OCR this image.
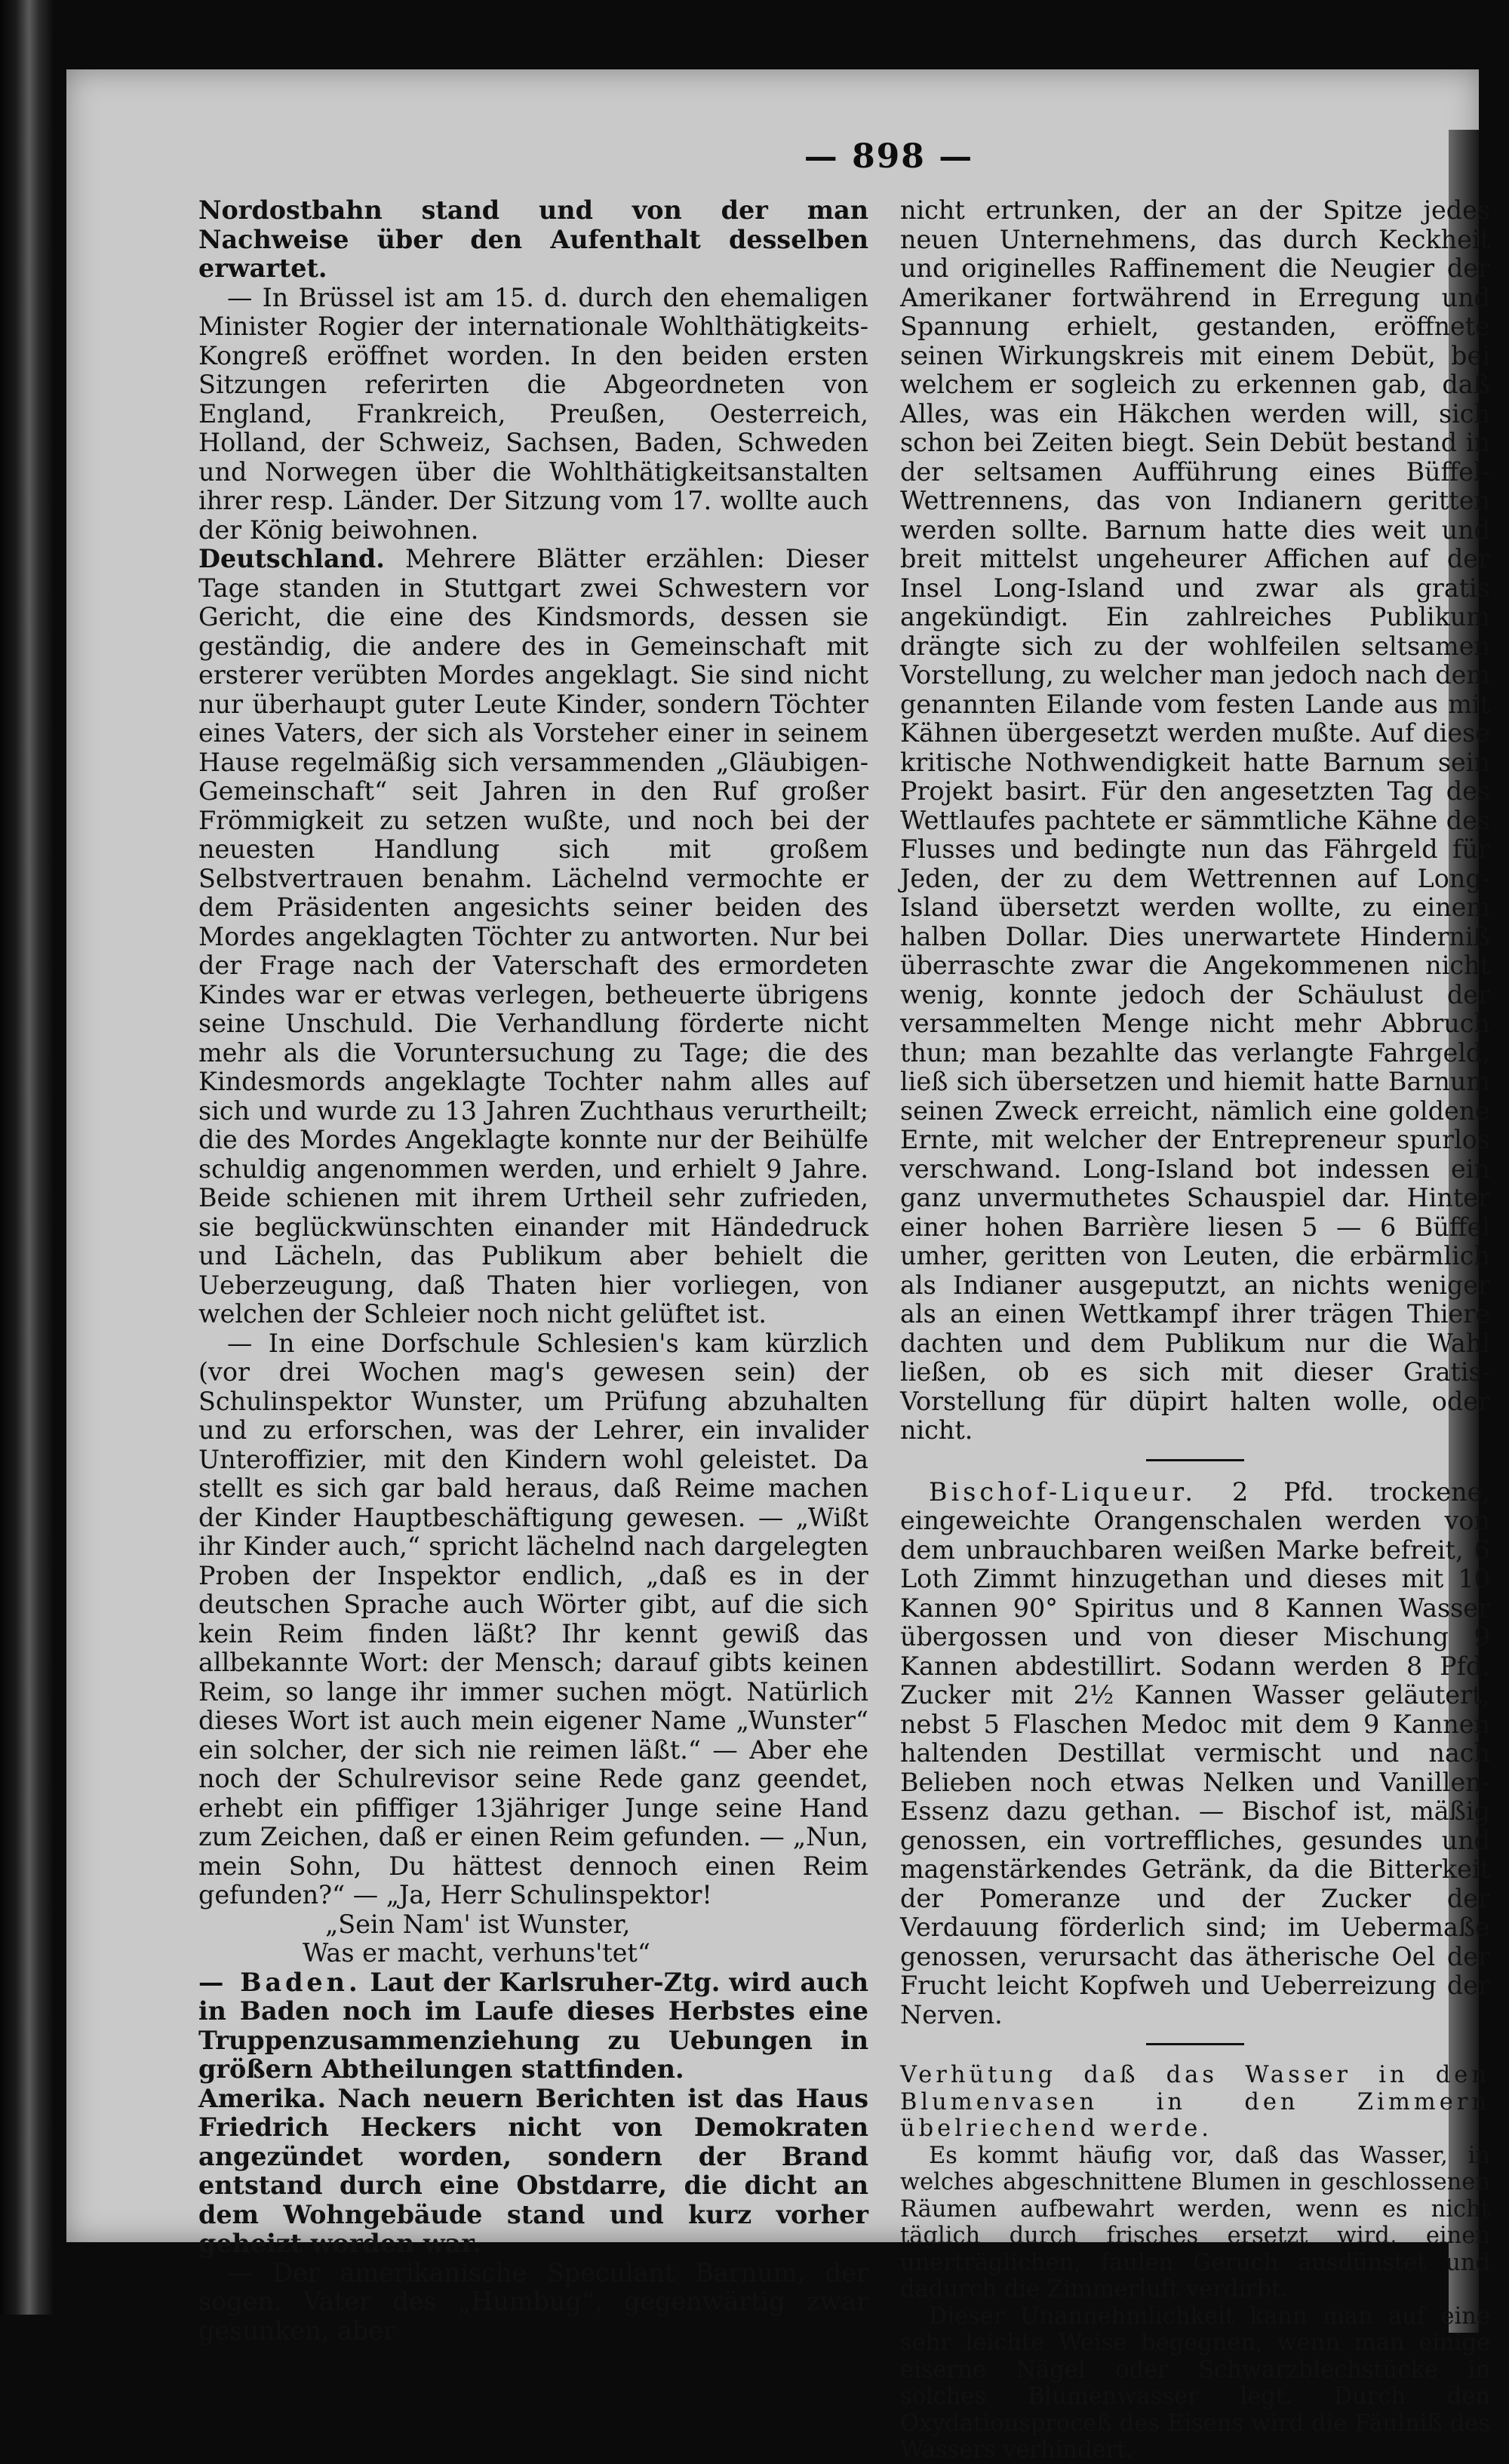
— 898 —

Nordostbahn stand und von der man Nachweise über den Aufenthalt desselben erwartet.

— In Brüssel ist am 15. d. durch den ehemaligen Minister Rogier der internationale Wohlthätigkeits-Kongreß eröffnet worden. In den beiden ersten Sitzungen referirten die Abgeordneten von England, Frankreich, Preußen, Oesterreich, Holland, der Schweiz, Sachsen, Baden, Schweden und Norwegen über die Wohlthätigkeitsanstalten ihrer resp. Länder. Der Sitzung vom 17. wollte auch der König beiwohnen.

Deutschland. Mehrere Blätter erzählen: Dieser Tage standen in Stuttgart zwei Schwestern vor Gericht, die eine des Kindsmords, dessen sie geständig, die andere des in Gemeinschaft mit ersterer verübten Mordes angeklagt. Sie sind nicht nur überhaupt guter Leute Kinder, sondern Töchter eines Vaters, der sich als Vorsteher einer in seinem Hause regelmäßig sich versammenden „Gläubigen-Gemeinschaft“ seit Jahren in den Ruf großer Frömmigkeit zu setzen wußte, und noch bei der neuesten Handlung sich mit großem Selbstvertrauen benahm. Lächelnd vermochte er dem Präsidenten angesichts seiner beiden des Mordes angeklagten Töchter zu antworten. Nur bei der Frage nach der Vaterschaft des ermordeten Kindes war er etwas verlegen, betheuerte übrigens seine Unschuld. Die Verhandlung förderte nicht mehr als die Voruntersuchung zu Tage; die des Kindesmords angeklagte Tochter nahm alles auf sich und wurde zu 13 Jahren Zuchthaus verurtheilt; die des Mordes Angeklagte konnte nur der Beihülfe schuldig angenommen werden, und erhielt 9 Jahre. Beide schienen mit ihrem Urtheil sehr zufrieden, sie beglückwünschten einander mit Händedruck und Lächeln, das Publikum aber behielt die Ueberzeugung, daß Thaten hier vorliegen, von welchen der Schleier noch nicht gelüftet ist.

— In eine Dorfschule Schlesien's kam kürzlich (vor drei Wochen mag's gewesen sein) der Schulinspektor Wunster, um Prüfung abzuhalten und zu erforschen, was der Lehrer, ein invalider Unteroffizier, mit den Kindern wohl geleistet. Da stellt es sich gar bald heraus, daß Reime machen der Kinder Hauptbeschäftigung gewesen. — „Wißt ihr Kinder auch,“ spricht lächelnd nach dargelegten Proben der Inspektor endlich, „daß es in der deutschen Sprache auch Wörter gibt, auf die sich kein Reim finden läßt? Ihr kennt gewiß das allbekannte Wort: der Mensch; darauf gibts keinen Reim, so lange ihr immer suchen mögt. Natürlich dieses Wort ist auch mein eigener Name „Wunster“ ein solcher, der sich nie reimen läßt.“ — Aber ehe noch der Schulrevisor seine Rede ganz geendet, erhebt ein pfiffiger 13jähriger Junge seine Hand zum Zeichen, daß er einen Reim gefunden. — „Nun, mein Sohn, Du hättest dennoch einen Reim gefunden?“ — „Ja, Herr Schulinspektor!

„Sein Nam' ist Wunster,

Was er macht, verhuns'tet“

— Baden. Laut der Karlsruher-Ztg. wird auch in Baden noch im Laufe dieses Herbstes eine Truppenzusammenziehung zu Uebungen in größern Abtheilungen stattfinden.

Amerika. Nach neuern Berichten ist das Haus Friedrich Heckers nicht von Demokraten angezündet worden, sondern der Brand entstand durch eine Obstdarre, die dicht an dem Wohngebäude stand und kurz vorher geheizt worden war.

— Der amerikanische Speculant Barnum, der sogen. Vater des „Humbug“, gegenwärtig zwar gesunken, aber

nicht ertrunken, der an der Spitze jedes neuen Unternehmens, das durch Keckheit und originelles Raffinement die Neugier der Amerikaner fortwährend in Erregung und Spannung erhielt, gestanden, eröffnete seinen Wirkungskreis mit einem Debüt, bei welchem er sogleich zu erkennen gab, daß Alles, was ein Häkchen werden will, sich schon bei Zeiten biegt. Sein Debüt bestand in der seltsamen Aufführung eines Büffel-Wettrennens, das von Indianern geritten werden sollte. Barnum hatte dies weit und breit mittelst ungeheurer Affichen auf der Insel Long-Island und zwar als gratis angekündigt. Ein zahlreiches Publikum drängte sich zu der wohlfeilen seltsamen Vorstellung, zu welcher man jedoch nach dem genannten Eilande vom festen Lande aus mit Kähnen übergesetzt werden mußte. Auf diese kritische Nothwendigkeit hatte Barnum sein Projekt basirt. Für den angesetzten Tag des Wettlaufes pachtete er sämmtliche Kähne des Flusses und bedingte nun das Fährgeld für Jeden, der zu dem Wettrennen auf Long-Island übersetzt werden wollte, zu einem halben Dollar. Dies unerwartete Hinderniß überraschte zwar die Angekommenen nicht wenig, konnte jedoch der Schäulust der versammelten Menge nicht mehr Abbruch thun; man bezahlte das verlangte Fahrgeld, ließ sich übersetzen und hiemit hatte Barnum seinen Zweck erreicht, nämlich eine goldene Ernte, mit welcher der Entrepreneur spurlos verschwand. Long-Island bot indessen ein ganz unvermuthetes Schauspiel dar. Hinter einer hohen Barrière liesen 5 — 6 Büffel umher, geritten von Leuten, die erbärmlich als Indianer ausgeputzt, an nichts weniger als an einen Wettkampf ihrer trägen Thiere dachten und dem Publikum nur die Wahl ließen, ob es sich mit dieser Gratis-Vorstellung für düpirt halten wolle, oder nicht.

Bischof-Liqueur. 2 Pfd. trockene, eingeweichte Orangenschalen werden von dem unbrauchbaren weißen Marke befreit, 6 Loth Zimmt hinzugethan und dieses mit 10 Kannen 90° Spiritus und 8 Kannen Wasser übergossen und von dieser Mischung 9 Kannen abdestillirt. Sodann werden 8 Pfd. Zucker mit 2½ Kannen Wasser geläutert, nebst 5 Flaschen Medoc mit dem 9 Kannen haltenden Destillat vermischt und nach Belieben noch etwas Nelken und Vanillen-Essenz dazu gethan. — Bischof ist, mäßig genossen, ein vortreffliches, gesundes und magenstärkendes Getränk, da die Bitterkeit der Pomeranze und der Zucker der Verdauung förderlich sind; im Uebermaße genossen, verursacht das ätherische Oel der Frucht leicht Kopfweh und Ueberreizung der Nerven.

Verhütung daß das Wasser in den Blumenvasen in den Zimmern übelriechend werde.

Es kommt häufig vor, daß das Wasser, in welches abgeschnittene Blumen in geschlossenen Räumen aufbewahrt werden, wenn es nicht täglich durch frisches ersetzt wird, einen unerträglichen, faulen Geruch ausdünstet und dadurch die Zimmerluft verdirbt.

Dieser Unannehmlichkeit kann man auf eine sehr leichte Weise begegnen, wenn man einige eiserne Nägel oder Schwarzblechstücke in solches Blumenwasser legt. Durch den Oxydationsproceß des Eisens wird die Fäulniß des Wassers verhindert.
